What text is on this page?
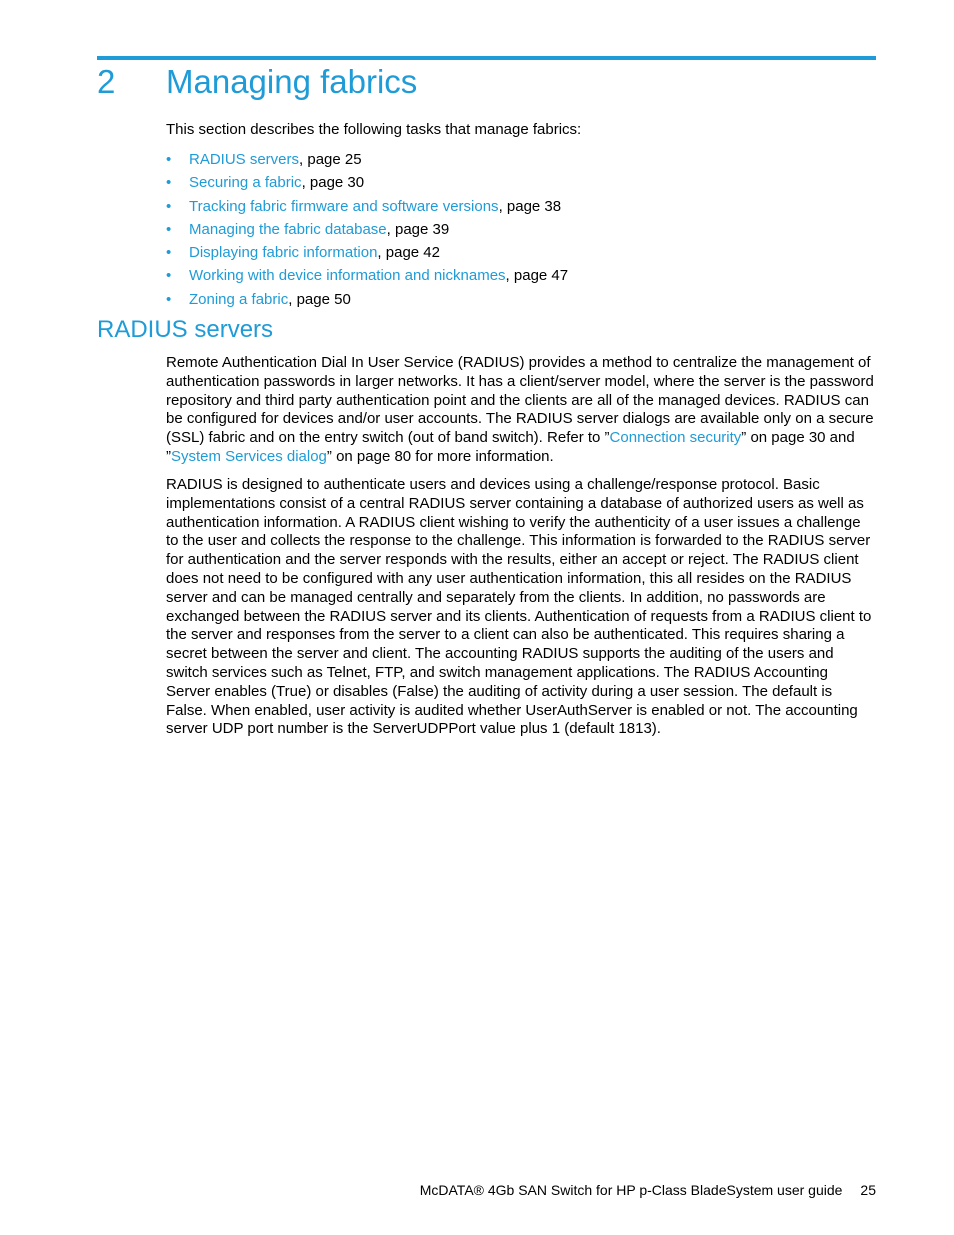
2	Managing fabrics

This section describes the following tasks that manage fabrics:

• RADIUS servers, page 25
• Securing a fabric, page 30
• Tracking fabric firmware and software versions, page 38
• Managing the fabric database, page 39
• Displaying fabric information, page 42
• Working with device information and nicknames, page 47
• Zoning a fabric, page 50
RADIUS servers

Remote Authentication Dial In User Service (RADIUS) provides a method to centralize the management of authentication passwords in larger networks. It has a client/server model, where the server is the password repository and third party authentication point and the clients are all of the managed devices. RADIUS can be configured for devices and/or user accounts. The RADIUS server dialogs are available only on a secure (SSL) fabric and on the entry switch (out of band switch). Refer to ”Connection security” on page 30 and ”System Services dialog” on page 80 for more information.

RADIUS is designed to authenticate users and devices using a challenge/response protocol. Basic implementations consist of a central RADIUS server containing a database of authorized users as well as authentication information. A RADIUS client wishing to verify the authenticity of a user issues a challenge to the user and collects the response to the challenge. This information is forwarded to the RADIUS server for authentication and the server responds with the results, either an accept or reject. The RADIUS client does not need to be configured with any user authentication information, this all resides on the RADIUS server and can be managed centrally and separately from the clients. In addition, no passwords are exchanged between the RADIUS server and its clients. Authentication of requests from a RADIUS client to the server and responses from the server to a client can also be authenticated. This requires sharing a secret between the server and client. The accounting RADIUS supports the auditing of the users and switch services such as Telnet, FTP, and switch management applications. The RADIUS Accounting Server enables (True) or disables (False) the auditing of activity during a user session. The default is False. When enabled, user activity is audited whether UserAuthServer is enabled or not. The accounting server UDP port number is the ServerUDPPort value plus 1 (default 1813).

McDATA® 4Gb SAN Switch for HP p-Class BladeSystem user guide 25
